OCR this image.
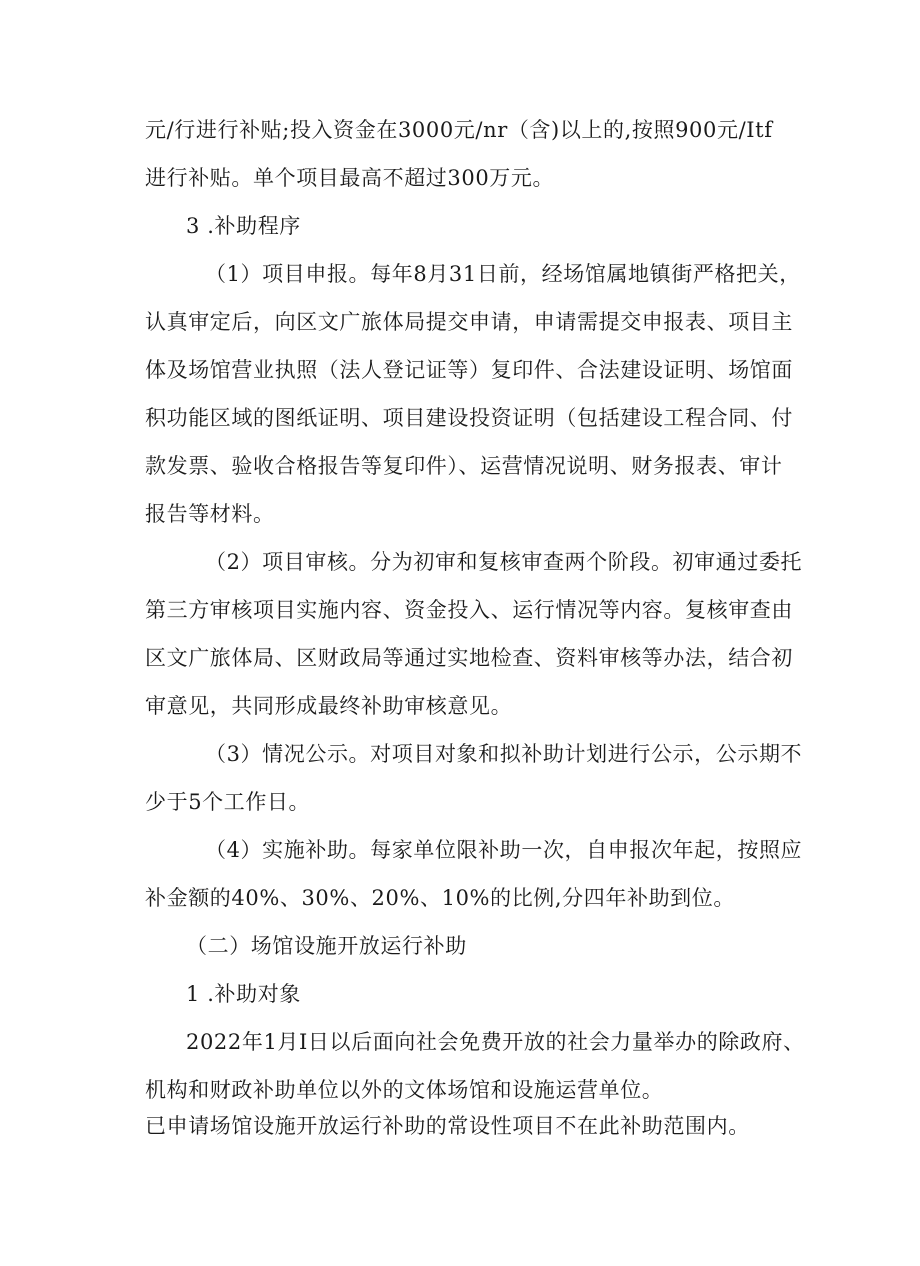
元/行进行补贴;投入资金在3000元/nr（含)以上的,按照900元/Itf
进行补贴。单个项目最高不超过300万元。
3 .补助程序
（1）项目申报。每年8月31日前，经场馆属地镇街严格把关，
认真审定后，向区文广旅体局提交申请，申请需提交申报表、项目主
体及场馆营业执照（法人登记证等）复印件、合法建设证明、场馆面
积功能区域的图纸证明、项目建设投资证明（包括建设工程合同、付
款发票、验收合格报告等复印件）、运营情况说明、财务报表、审计
报告等材料。
（2）项目审核。分为初审和复核审查两个阶段。初审通过委托
第三方审核项目实施内容、资金投入、运行情况等内容。复核审查由
区文广旅体局、区财政局等通过实地检查、资料审核等办法，结合初
审意见，共同形成最终补助审核意见。
（3）情况公示。对项目对象和拟补助计划进行公示，公示期不
少于5个工作日。
（4）实施补助。每家单位限补助一次，自申报次年起，按照应
补金额的40%、30%、20%、10%的比例,分四年补助到位。
（二）场馆设施开放运行补助
1 .补助对象
2022年1月I日以后面向社会免费开放的社会力量举办的除政府、
机构和财政补助单位以外的文体场馆和设施运营单位。
已申请场馆设施开放运行补助的常设性项目不在此补助范围内。
